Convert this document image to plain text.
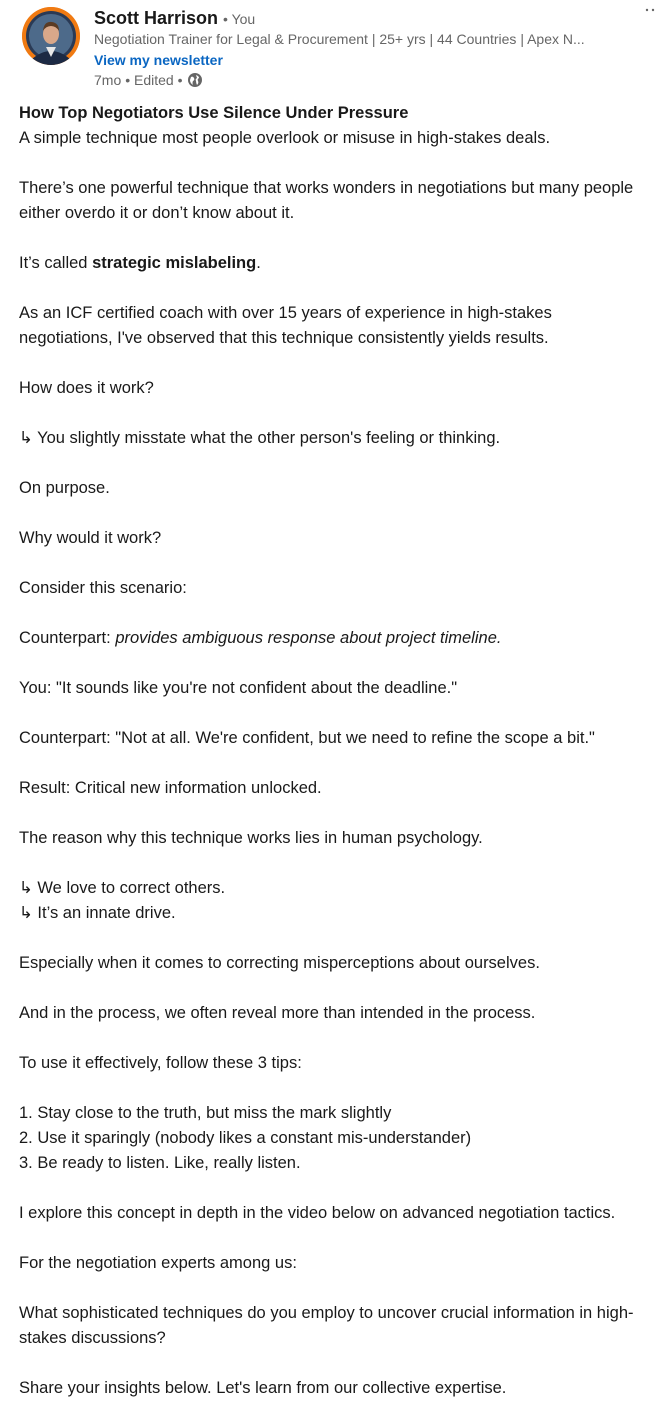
Scott Harrison • You
Negotiation Trainer for Legal & Procurement | 25+ yrs | 44 Countries | Apex N...
View my newsletter
7mo • Edited •

How Top Negotiators Use Silence Under Pressure

A simple technique most people overlook or misuse in high-stakes deals.

There’s one powerful technique that works wonders in negotiations but many people either overdo it or don’t know about it.

It’s called strategic mislabeling.

As an ICF certified coach with over 15 years of experience in high-stakes negotiations, I've observed that this technique consistently yields results.

How does it work?

↳ You slightly misstate what the other person's feeling or thinking.

On purpose.

Why would it work?

Consider this scenario:

Counterpart: provides ambiguous response about project timeline.

You: "It sounds like you're not confident about the deadline."

Counterpart: "Not at all. We're confident, but we need to refine the scope a bit."

Result: Critical new information unlocked.

The reason why this technique works lies in human psychology.

↳ We love to correct others.

↳ It’s an innate drive.

Especially when it comes to correcting misperceptions about ourselves.

And in the process, we often reveal more than intended in the process.

To use it effectively, follow these 3 tips:

1. Stay close to the truth, but miss the mark slightly

2. Use it sparingly (nobody likes a constant mis-understander)

3. Be ready to listen. Like, really listen.

I explore this concept in depth in the video below on advanced negotiation tactics.

For the negotiation experts among us:

What sophisticated techniques do you employ to uncover crucial information in high-stakes discussions?

Share your insights below. Let's learn from our collective expertise.
